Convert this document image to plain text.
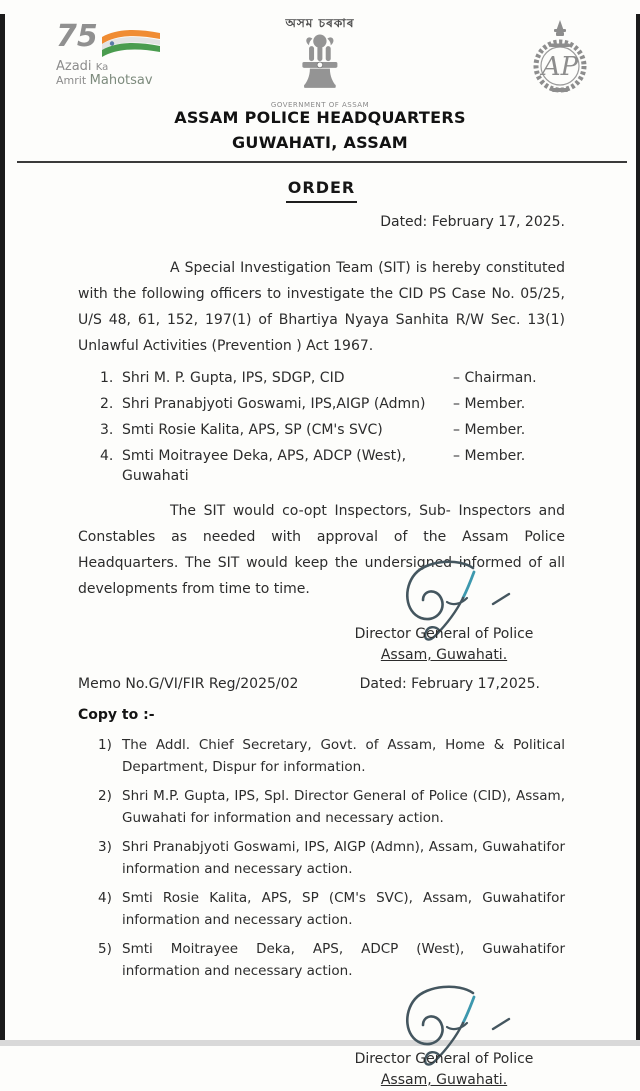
75
Azadi Ka
Amrit Mahotsav
অসম চৰকাৰ
GOVERNMENT OF ASSAM
AP
ASSAM POLICE HEADQUARTERS
GUWAHATI, ASSAM
ORDER
Dated: February 17, 2025.

A Special Investigation Team (SIT) is hereby constituted with the following officers to investigate the CID PS Case No. 05/25, U/S 48, 61, 152, 197(1) of Bhartiya Nyaya Sanhita R/W Sec. 13(1) Unlawful Activities (Prevention ) Act 1967.

1. Shri M. P. Gupta, IPS, SDGP, CID	– Chairman.
2. Shri Pranabjyoti Goswami, IPS,AIGP (Admn)	– Member.
3. Smti Rosie Kalita, APS, SP (CM's SVC)	– Member.
4. Smti Moitrayee Deka, APS, ADCP (West), Guwahati
– Member.

The SIT would co-opt Inspectors, Sub- Inspectors and Constables as needed with approval of the Assam Police Headquarters. The SIT would keep the undersigned informed of all developments from time to time.

Director General of Police
Assam, Guwahati.
Memo No.G/VI/FIR Reg/2025/02	Dated: February 17,2025.
Copy to :-
1) The Addl. Chief Secretary, Govt. of Assam, Home & Political Department, Dispur for information.
2) Shri M.P. Gupta, IPS, Spl. Director General of Police (CID), Assam, Guwahati for information and necessary action.
3) Shri Pranabjyoti Goswami, IPS, AIGP (Admn), Assam, Guwahatifor information and necessary action.
4) Smti Rosie Kalita, APS, SP (CM's SVC), Assam, Guwahatifor information and necessary action.
5) Smti Moitrayee Deka, APS, ADCP (West), Guwahatifor information and necessary action.
Director General of Police
Assam, Guwahati.
